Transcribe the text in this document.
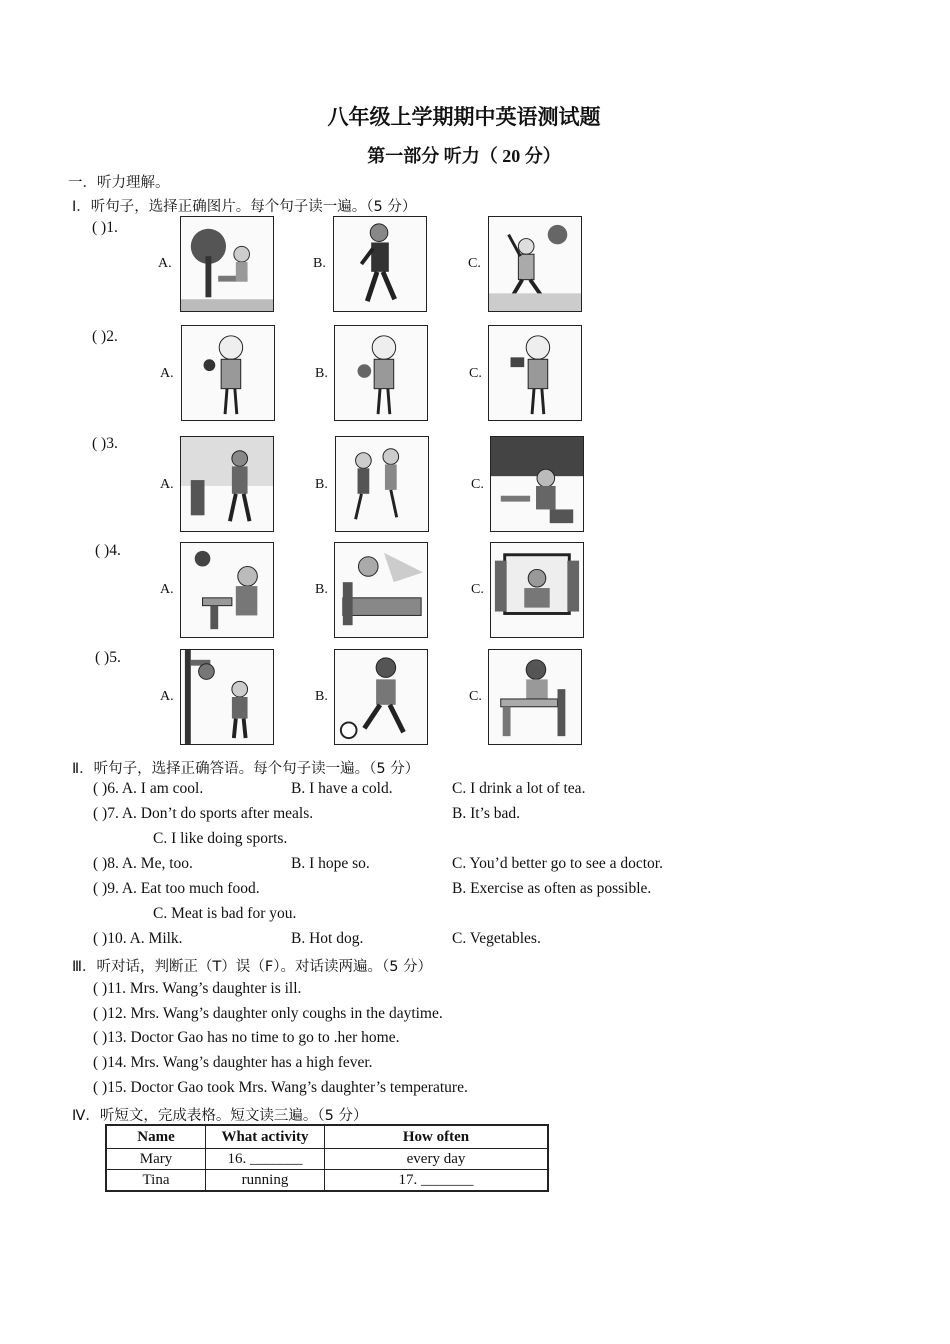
八年级上学期期中英语测试题
第一部分 听力（ 20 分）
一．听力理解。
Ⅰ．听句子，选择正确图片。每个句子读一遍。（5 分）
( )1.
A.	B.	C.
( )2.
A.	B.	C.
( )3.
A.	B.	C.
( )4.
A.	B.	C.
( )5.
A.	B.	C.
Ⅱ．听句子，选择正确答语。每个句子读一遍。（5 分）
( )6. A. I am cool.	B. I have a cold.	C. I drink a lot of tea.
( )7. A. Don’t do sports after meals.	B. It’s bad.
C. I like doing sports.
( )8. A. Me, too.	B. I hope so.	C. You’d better go to see a doctor.
( )9. A. Eat too much food.	B. Exercise as often as possible.
C. Meat is bad for you.
( )10. A. Milk.	B. Hot dog.	C. Vegetables.
Ⅲ．听对话，判断正（T）误（F）。对话读两遍。（5 分）
( )11. Mrs. Wang’s daughter is ill.
( )12. Mrs. Wang’s daughter only coughs in the daytime.
( )13. Doctor Gao has no time to go to .her home.
( )14. Mrs. Wang’s daughter has a high fever.
( )15. Doctor Gao took Mrs. Wang’s daughter’s temperature.
Ⅳ．听短文，完成表格。短文读三遍。（5 分）
Name	What activity	How often
Mary	16. _______	every day
Tina	running	17. _______
